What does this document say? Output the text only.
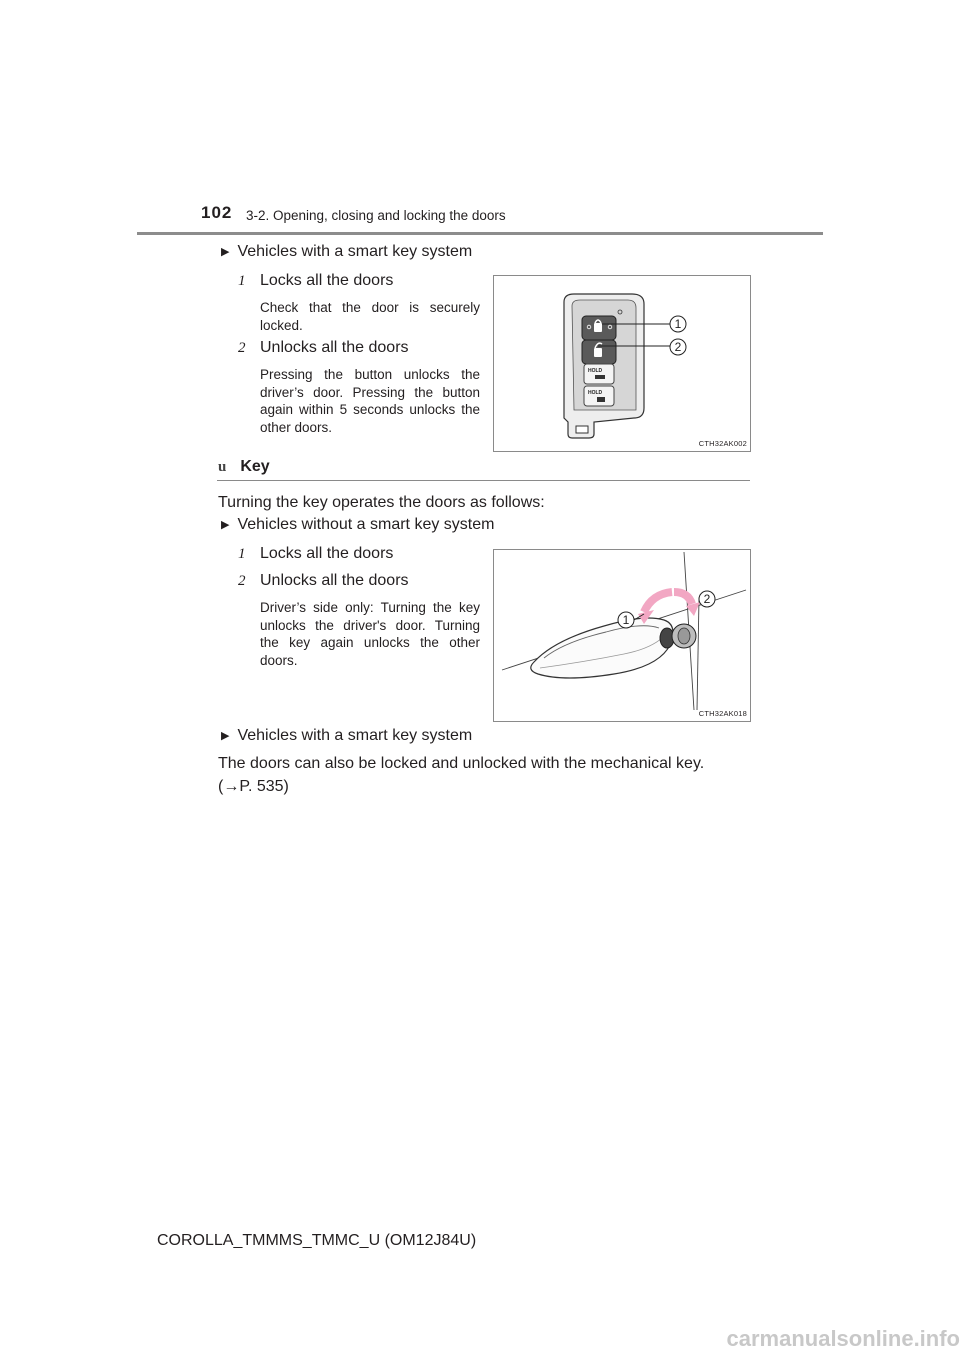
102 3-2. Opening, closing and locking the doors
▶ Vehicles with a smart key system
1 Locks all the doors
Check that the door is securely locked.
2 Unlocks all the doors
Pressing the button unlocks the driver’s door. Pressing the button again within 5 seconds unlocks the other doors.
HOLD
HOLD
1
2
CTH32AK002
u Key
Turning the key operates the doors as follows:
▶ Vehicles without a smart key system
1 Locks all the doors
2 Unlocks all the doors
Driver’s side only: Turning the key unlocks the driver's door. Turning the key again unlocks the other doors.
1
2
CTH32AK018
▶ Vehicles with a smart key system
The doors can also be locked and unlocked with the mechanical key.
(→P. 535)
COROLLA_TMMMS_TMMC_U (OM12J84U)
carmanualsonline.info
